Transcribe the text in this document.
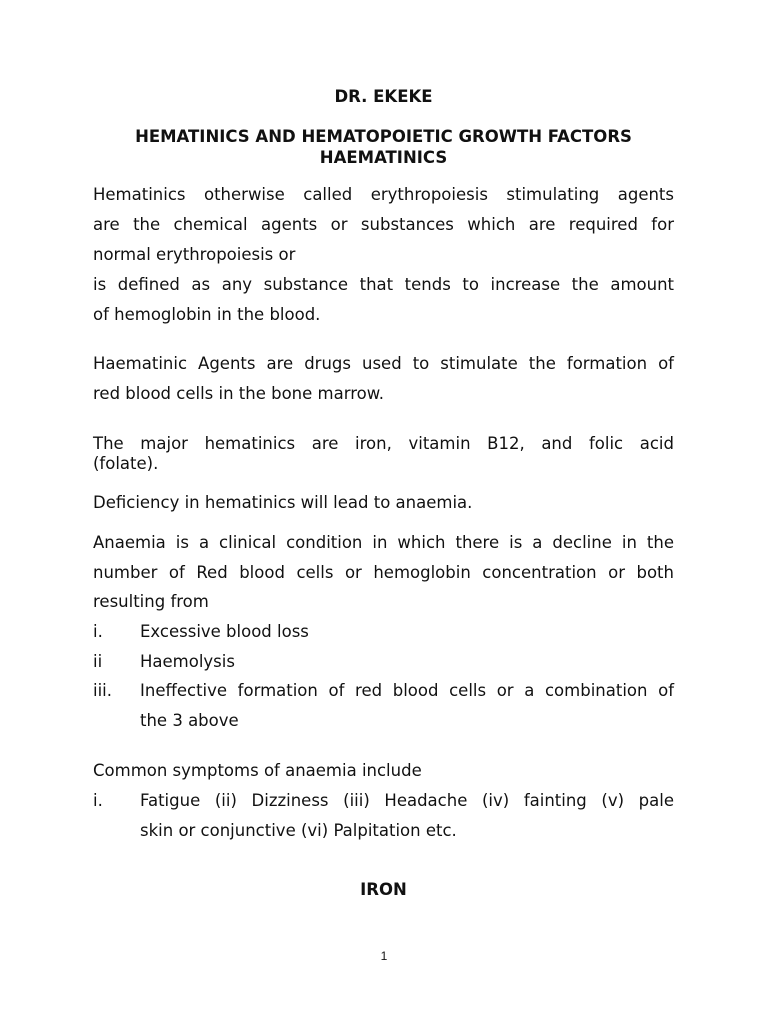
DR. EKEKE
HEMATINICS AND HEMATOPOIETIC GROWTH FACTORS
HAEMATINICS
Hematinics otherwise called erythropoiesis stimulating agents
are the chemical agents or substances which are required for
normal erythropoiesis or
is defined as any substance that tends to increase the amount
of hemoglobin in the blood.
Haematinic Agents are drugs used to stimulate the formation of
red blood cells in the bone marrow.
The major hematinics are iron, vitamin B12, and folic acid
(folate).
Deficiency in hematinics will lead to anaemia.
Anaemia is a clinical condition in which there is a decline in the
number of Red blood cells or hemoglobin concentration or both
resulting from
i. Excessive blood loss
ii Haemolysis
iii. Ineffective formation of red blood cells or a combination of
the 3 above
Common symptoms of anaemia include
i. Fatigue (ii) Dizziness (iii) Headache (iv) fainting (v) pale
skin or conjunctive (vi) Palpitation etc.
IRON
1
